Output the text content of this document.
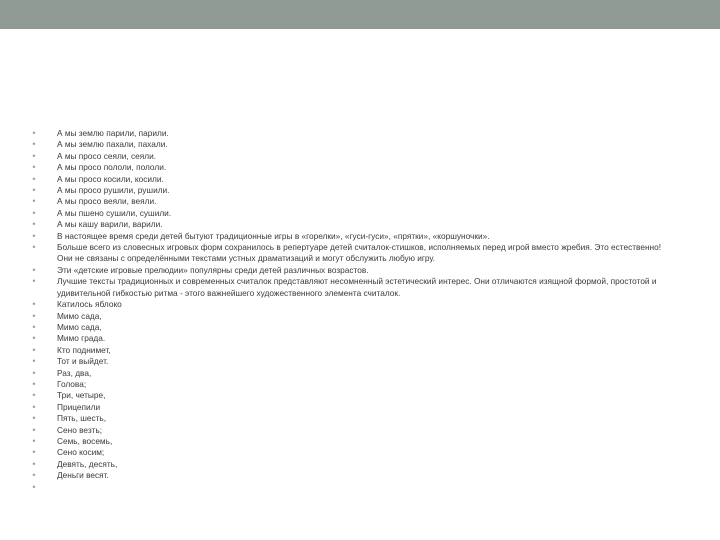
•	А мы землю парили, парили.
•	А мы землю пахали, пахали.
•	А мы просо сеяли, сеяли.
•	А мы просо пололи, пололи.
•	А мы просо косили, косили.
•	А мы просо рушили, рушили.
•	А мы просо веяли, веяли.
•	А мы пшено сушили, сушили.
•	А мы кашу варили, варили.
•	В настоящее время среди детей бытуют традиционные игры в «горелки», «гуси-гуси», «прятки», «коршуночки».
•	Больше всего из словесных игровых форм сохранилось в репертуаре детей считалок-стишков, исполняемых перед игрой вместо жребия. Это естественно! Они не связаны с определёнными текстами устных драматизаций и могут обслужить любую игру.
•	Эти «детские игровые прелюдии» популярны среди детей различных возрастов.
•	Лучшие тексты традиционных и современных считалок представляют несомненный эстетический интерес. Они отличаются изящной формой, простотой и удивительной гибкостью ритма - этого важнейшего художественного элемента считалок.
•	Катилось яблоко
•	Мимо сада,
•	Мимо сада,
•	Мимо града.
•	Кто поднимет,
•	Тот и выйдет.
•	Раз, два,
•	Голова;
•	Три, четыре,
•	Прицепили
•	Пять, шесть,
•	Сено везть;
•	Семь, восемь,
•	Сено косим;
•	Девять, десять,
•	Деньги весят.
•
